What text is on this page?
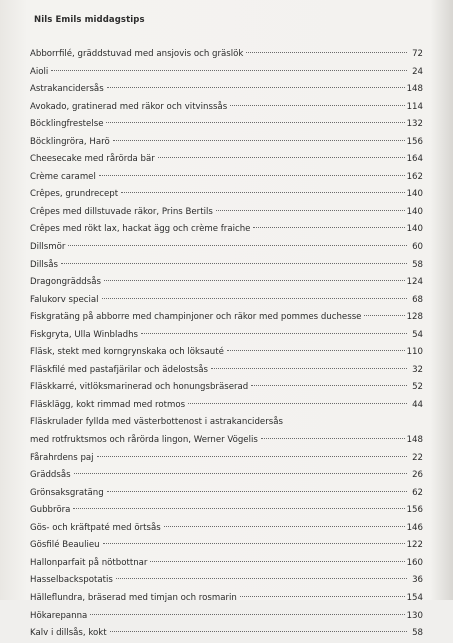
Nils Emils middagstips
Abborrfilé, gräddstuvad med ansjovis och gräslök	72
Aioli	24
Astrakancidersås	148
Avokado, gratinerad med räkor och vitvinssås	114
Böcklingfrestelse	132
Böcklingröra, Harö	156
Cheesecake med rårörda bär	164
Crème caramel	162
Crêpes, grundrecept	140
Crêpes med dillstuvade räkor, Prins Bertils	140
Crêpes med rökt lax, hackat ägg och crème fraiche	140
Dillsmör	60
Dillsås	58
Dragongräddsås	124
Falukorv special	68
Fiskgratäng på abborre med champinjoner och räkor med pommes duchesse	128
Fiskgryta, Ulla Winbladhs	54
Fläsk, stekt med korngrynskaka och löksauté	110
Fläskfilé med pastafjärilar och ädelostsås	32
Fläskkarré, vitlöksmarinerad och honungsbräserad	52
Fläsklägg, kokt rimmad med rotmos	44
Fläskrulader fyllda med västerbottenost i astrakancidersås
med rotfruktsmos och rårörda lingon, Werner Vögelis	148
Fårahrdens paj	22
Gräddsås	26
Grönsaksgratäng	62
Gubbröra	156
Gös- och kräftpaté med örtsås	146
Gösfilé Beaulieu	122
Hallonparfait på nötbottnar	160
Hasselbackspotatis	36
Hälleflundra, bräserad med timjan och rosmarin	154
Hökarepanna	130
Kalv i dillsås, kokt	58
